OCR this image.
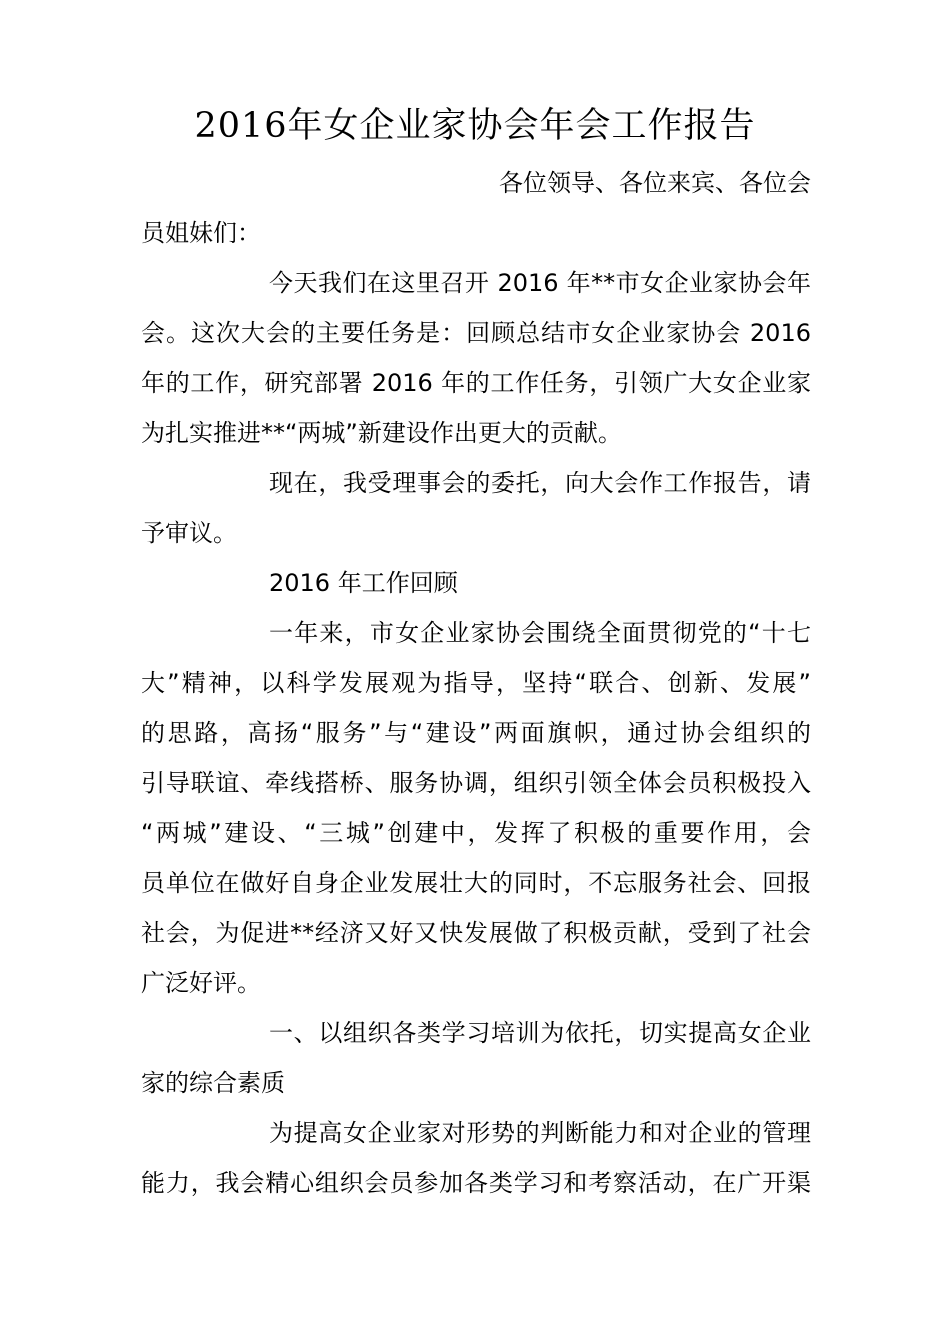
2016年女企业家协会年会工作报告
各位领导、各位来宾、各位会
员姐妹们：
今天我们在这里召开 2016 年**市女企业家协会年
会。这次大会的主要任务是：回顾总结市女企业家协会 2016
年的工作，研究部署 2016 年的工作任务，引领广大女企业家
为扎实推进**“两城”新建设作出更大的贡献。
现在，我受理事会的委托，向大会作工作报告，请
予审议。
2016 年工作回顾
一年来，市女企业家协会围绕全面贯彻党的“十七
大”精神，以科学发展观为指导，坚持“联合、创新、发展”
的思路，高扬“服务”与“建设”两面旗帜，通过协会组织的
引导联谊、牵线搭桥、服务协调，组织引领全体会员积极投入
“两城”建设、“三城”创建中，发挥了积极的重要作用，会
员单位在做好自身企业发展壮大的同时，不忘服务社会、回报
社会，为促进**经济又好又快发展做了积极贡献，受到了社会
广泛好评。
一、以组织各类学习培训为依托，切实提高女企业
家的综合素质
为提高女企业家对形势的判断能力和对企业的管理
能力，我会精心组织会员参加各类学习和考察活动，在广开渠
